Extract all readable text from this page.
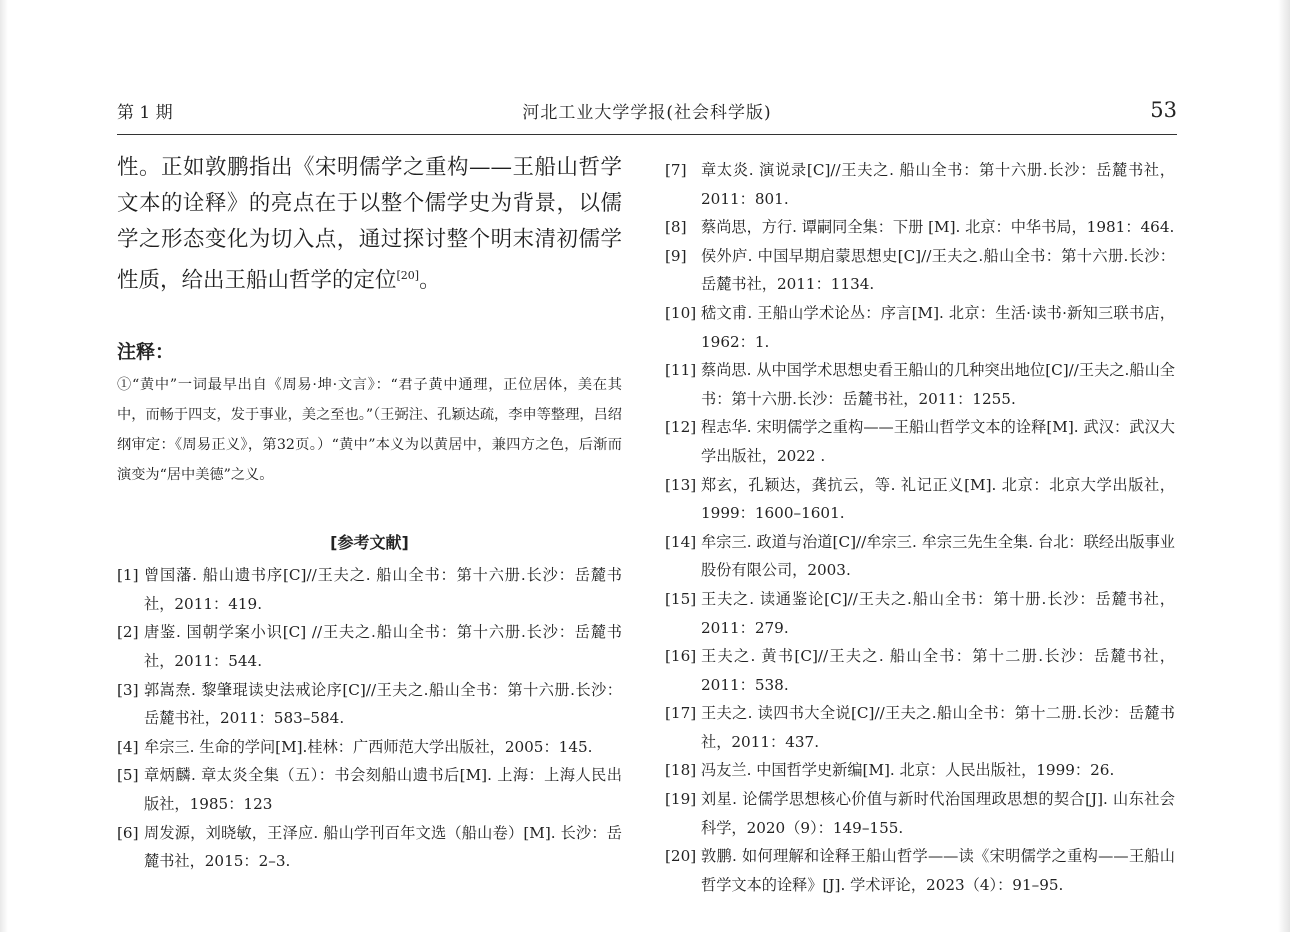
第 1 期	河北工业大学学报(社会科学版)	53

性。正如敦鹏指出《宋明儒学之重构——王船山哲学文本的诠释》的亮点在于以整个儒学史为背景，以儒学之形态变化为切入点，通过探讨整个明末清初儒学性质，给出王船山哲学的定位[20]。

注释：

①“黄中”一词最早出自《周易·坤·文言》：“君子黄中通理，正位居体，美在其中，而畅于四支，发于事业，美之至也。”（王弼注、孔颖达疏，李申等整理，吕绍纲审定：《周易正义》，第32页。）“黄中”本义为以黄居中，兼四方之色，后渐而演变为“居中美德”之义。

[参考文献]

[1] 曾国藩. 船山遗书序[C]//王夫之. 船山全书：第十六册.长沙：岳麓书社，2011：419.

[2] 唐鉴. 国朝学案小识[C] //王夫之.船山全书：第十六册.长沙：岳麓书社，2011：544.

[3] 郭嵩焘. 黎肇琨读史法戒论序[C]//王夫之.船山全书：第十六册.长沙：岳麓书社，2011：583–584.

[4] 牟宗三. 生命的学问[M].桂林：广西师范大学出版社，2005：145.

[5] 章炳麟. 章太炎全集（五）：书会刻船山遗书后[M]. 上海：上海人民出版社，1985：123

[6] 周发源，刘晓敏，王泽应. 船山学刊百年文选（船山卷）[M]. 长沙：岳麓书社，2015：2–3.

[7] 章太炎. 演说录[C]//王夫之. 船山全书：第十六册.长沙：岳麓书社，2011：801.

[8] 蔡尚思，方行. 谭嗣同全集：下册 [M]. 北京：中华书局，1981：464.

[9] 侯外庐. 中国早期启蒙思想史[C]//王夫之.船山全书：第十六册.长沙：岳麓书社，2011：1134.

[10] 嵇文甫. 王船山学术论丛：序言[M]. 北京：生活·读书·新知三联书店，1962：1.

[11] 蔡尚思. 从中国学术思想史看王船山的几种突出地位[C]//王夫之.船山全书：第十六册.长沙：岳麓书社，2011：1255.

[12] 程志华. 宋明儒学之重构——王船山哲学文本的诠释[M]. 武汉：武汉大学出版社，2022 .

[13] 郑玄，孔颖达，龚抗云，等. 礼记正义[M]. 北京：北京大学出版社，1999：1600–1601.

[14] 牟宗三. 政道与治道[C]//牟宗三. 牟宗三先生全集. 台北：联经出版事业股份有限公司，2003.

[15] 王夫之. 读通鉴论[C]//王夫之.船山全书：第十册.长沙：岳麓书社，2011：279.

[16] 王夫之. 黄书[C]//王夫之. 船山全书：第十二册.长沙：岳麓书社，2011：538.

[17] 王夫之. 读四书大全说[C]//王夫之.船山全书：第十二册.长沙：岳麓书社，2011：437.

[18] 冯友兰. 中国哲学史新编[M]. 北京：人民出版社，1999：26.

[19] 刘星. 论儒学思想核心价值与新时代治国理政思想的契合[J]. 山东社会科学，2020（9）：149–155.

[20] 敦鹏. 如何理解和诠释王船山哲学——读《宋明儒学之重构——王船山哲学文本的诠释》[J]. 学术评论，2023（4）：91–95.
